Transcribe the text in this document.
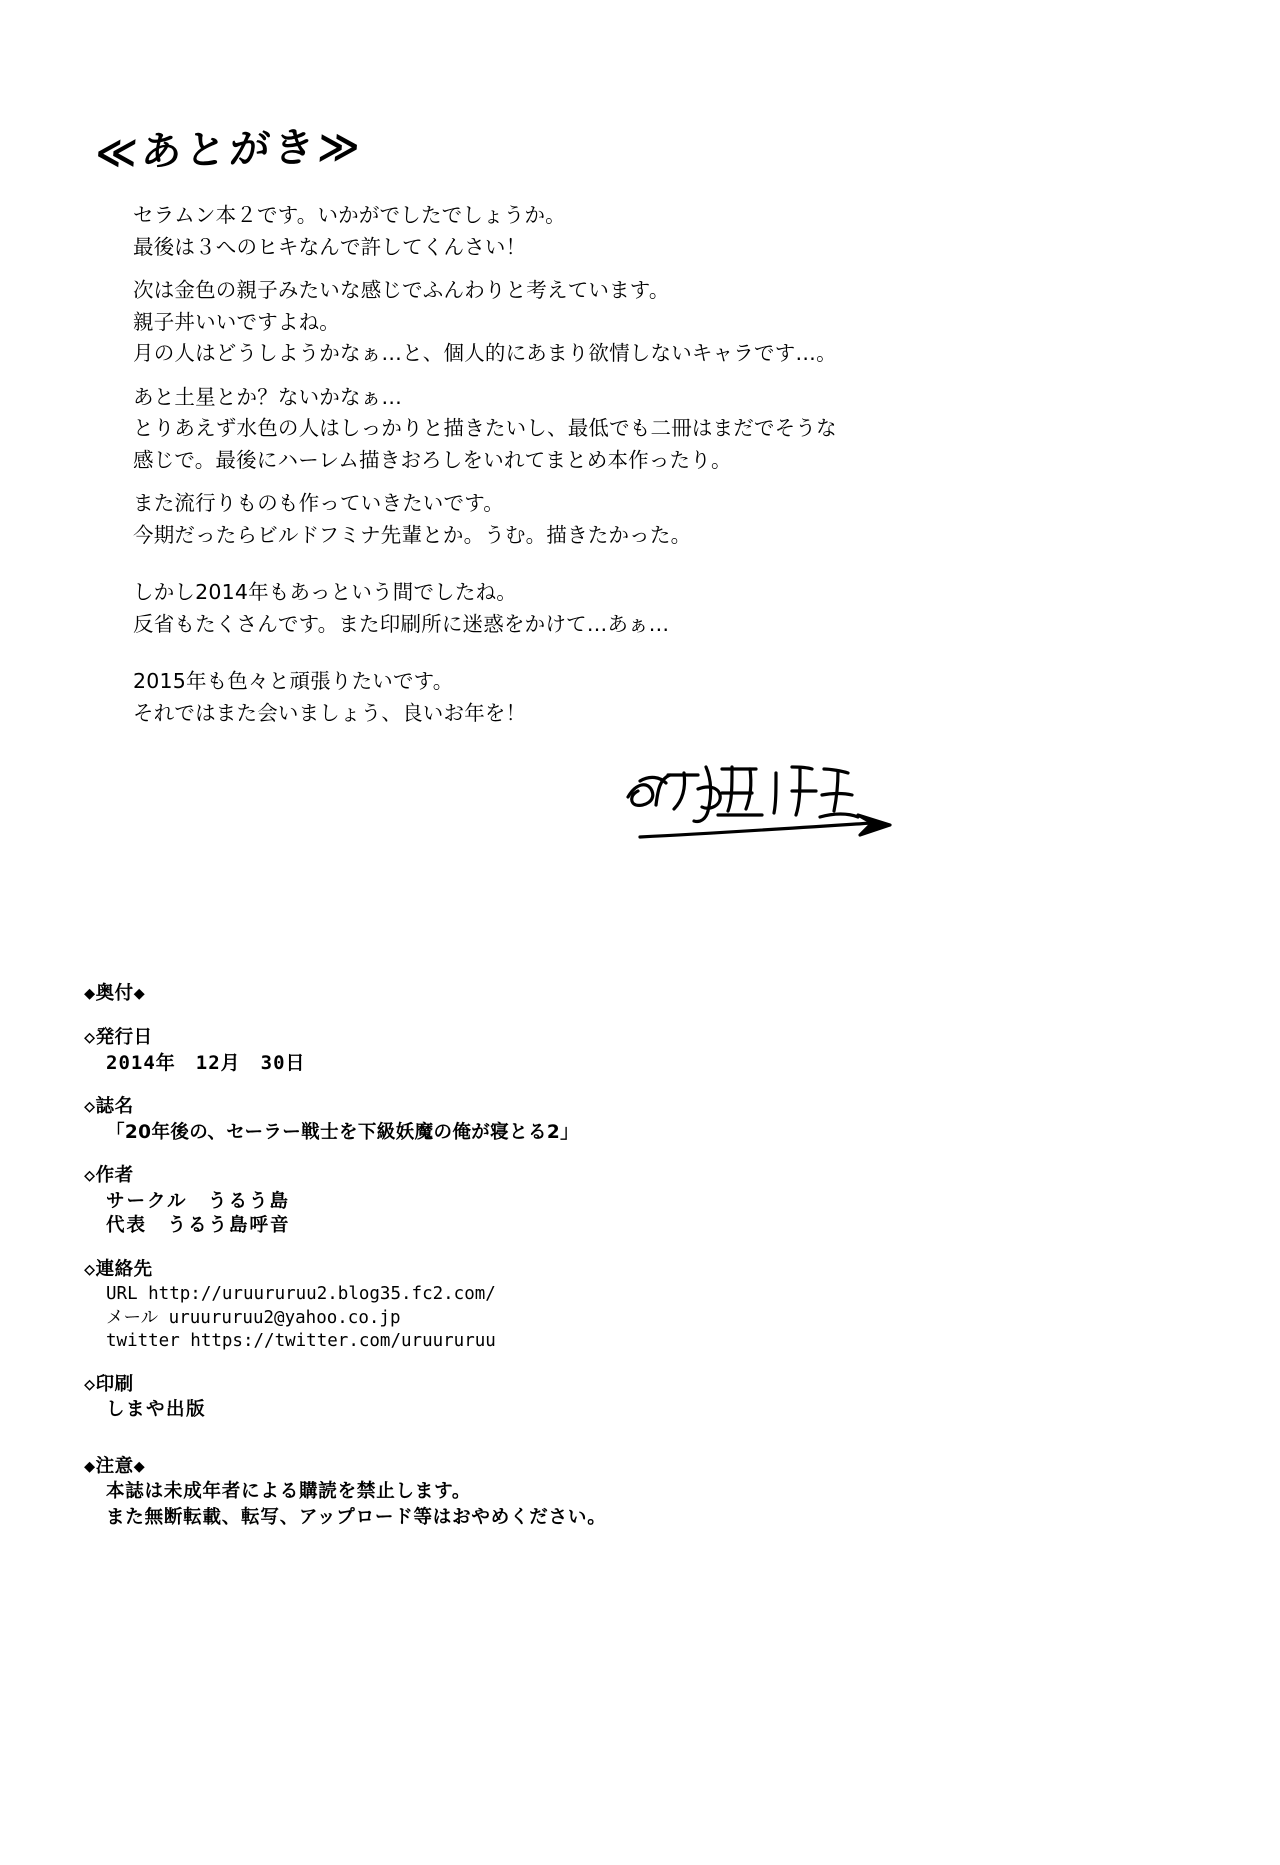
≪あとがき≫
セラムン本２です。いかがでしたでしょうか。
最後は３へのヒキなんで許してくんさい！
次は金色の親子みたいな感じでふんわりと考えています。
親子丼いいですよね。
月の人はどうしようかなぁ…と、個人的にあまり欲情しないキャラです…。
あと土星とか？ないかなぁ…
とりあえず水色の人はしっかりと描きたいし、最低でも二冊はまだでそうな
感じで。最後にハーレム描きおろしをいれてまとめ本作ったり。
また流行りものも作っていきたいです。
今期だったらビルドフミナ先輩とか。うむ。描きたかった。
しかし2014年もあっという間でしたね。
反省もたくさんです。また印刷所に迷惑をかけて…あぁ…
2015年も色々と頑張りたいです。
それではまた会いましょう、良いお年を！
◆奥付◆
◇発行日
2014年　12月　30日
◇誌名
「20年後の、セーラー戦士を下級妖魔の俺が寝とる2」
◇作者
サークル　うるう島
代表　うるう島呼音
◇連絡先
URL http://uruururuu2.blog35.fc2.com/
メール uruururuu2@yahoo.co.jp
twitter https://twitter.com/uruururuu
◇印刷
しまや出版
◆注意◆
本誌は未成年者による購読を禁止します。
また無断転載、転写、アップロード等はおやめください。
